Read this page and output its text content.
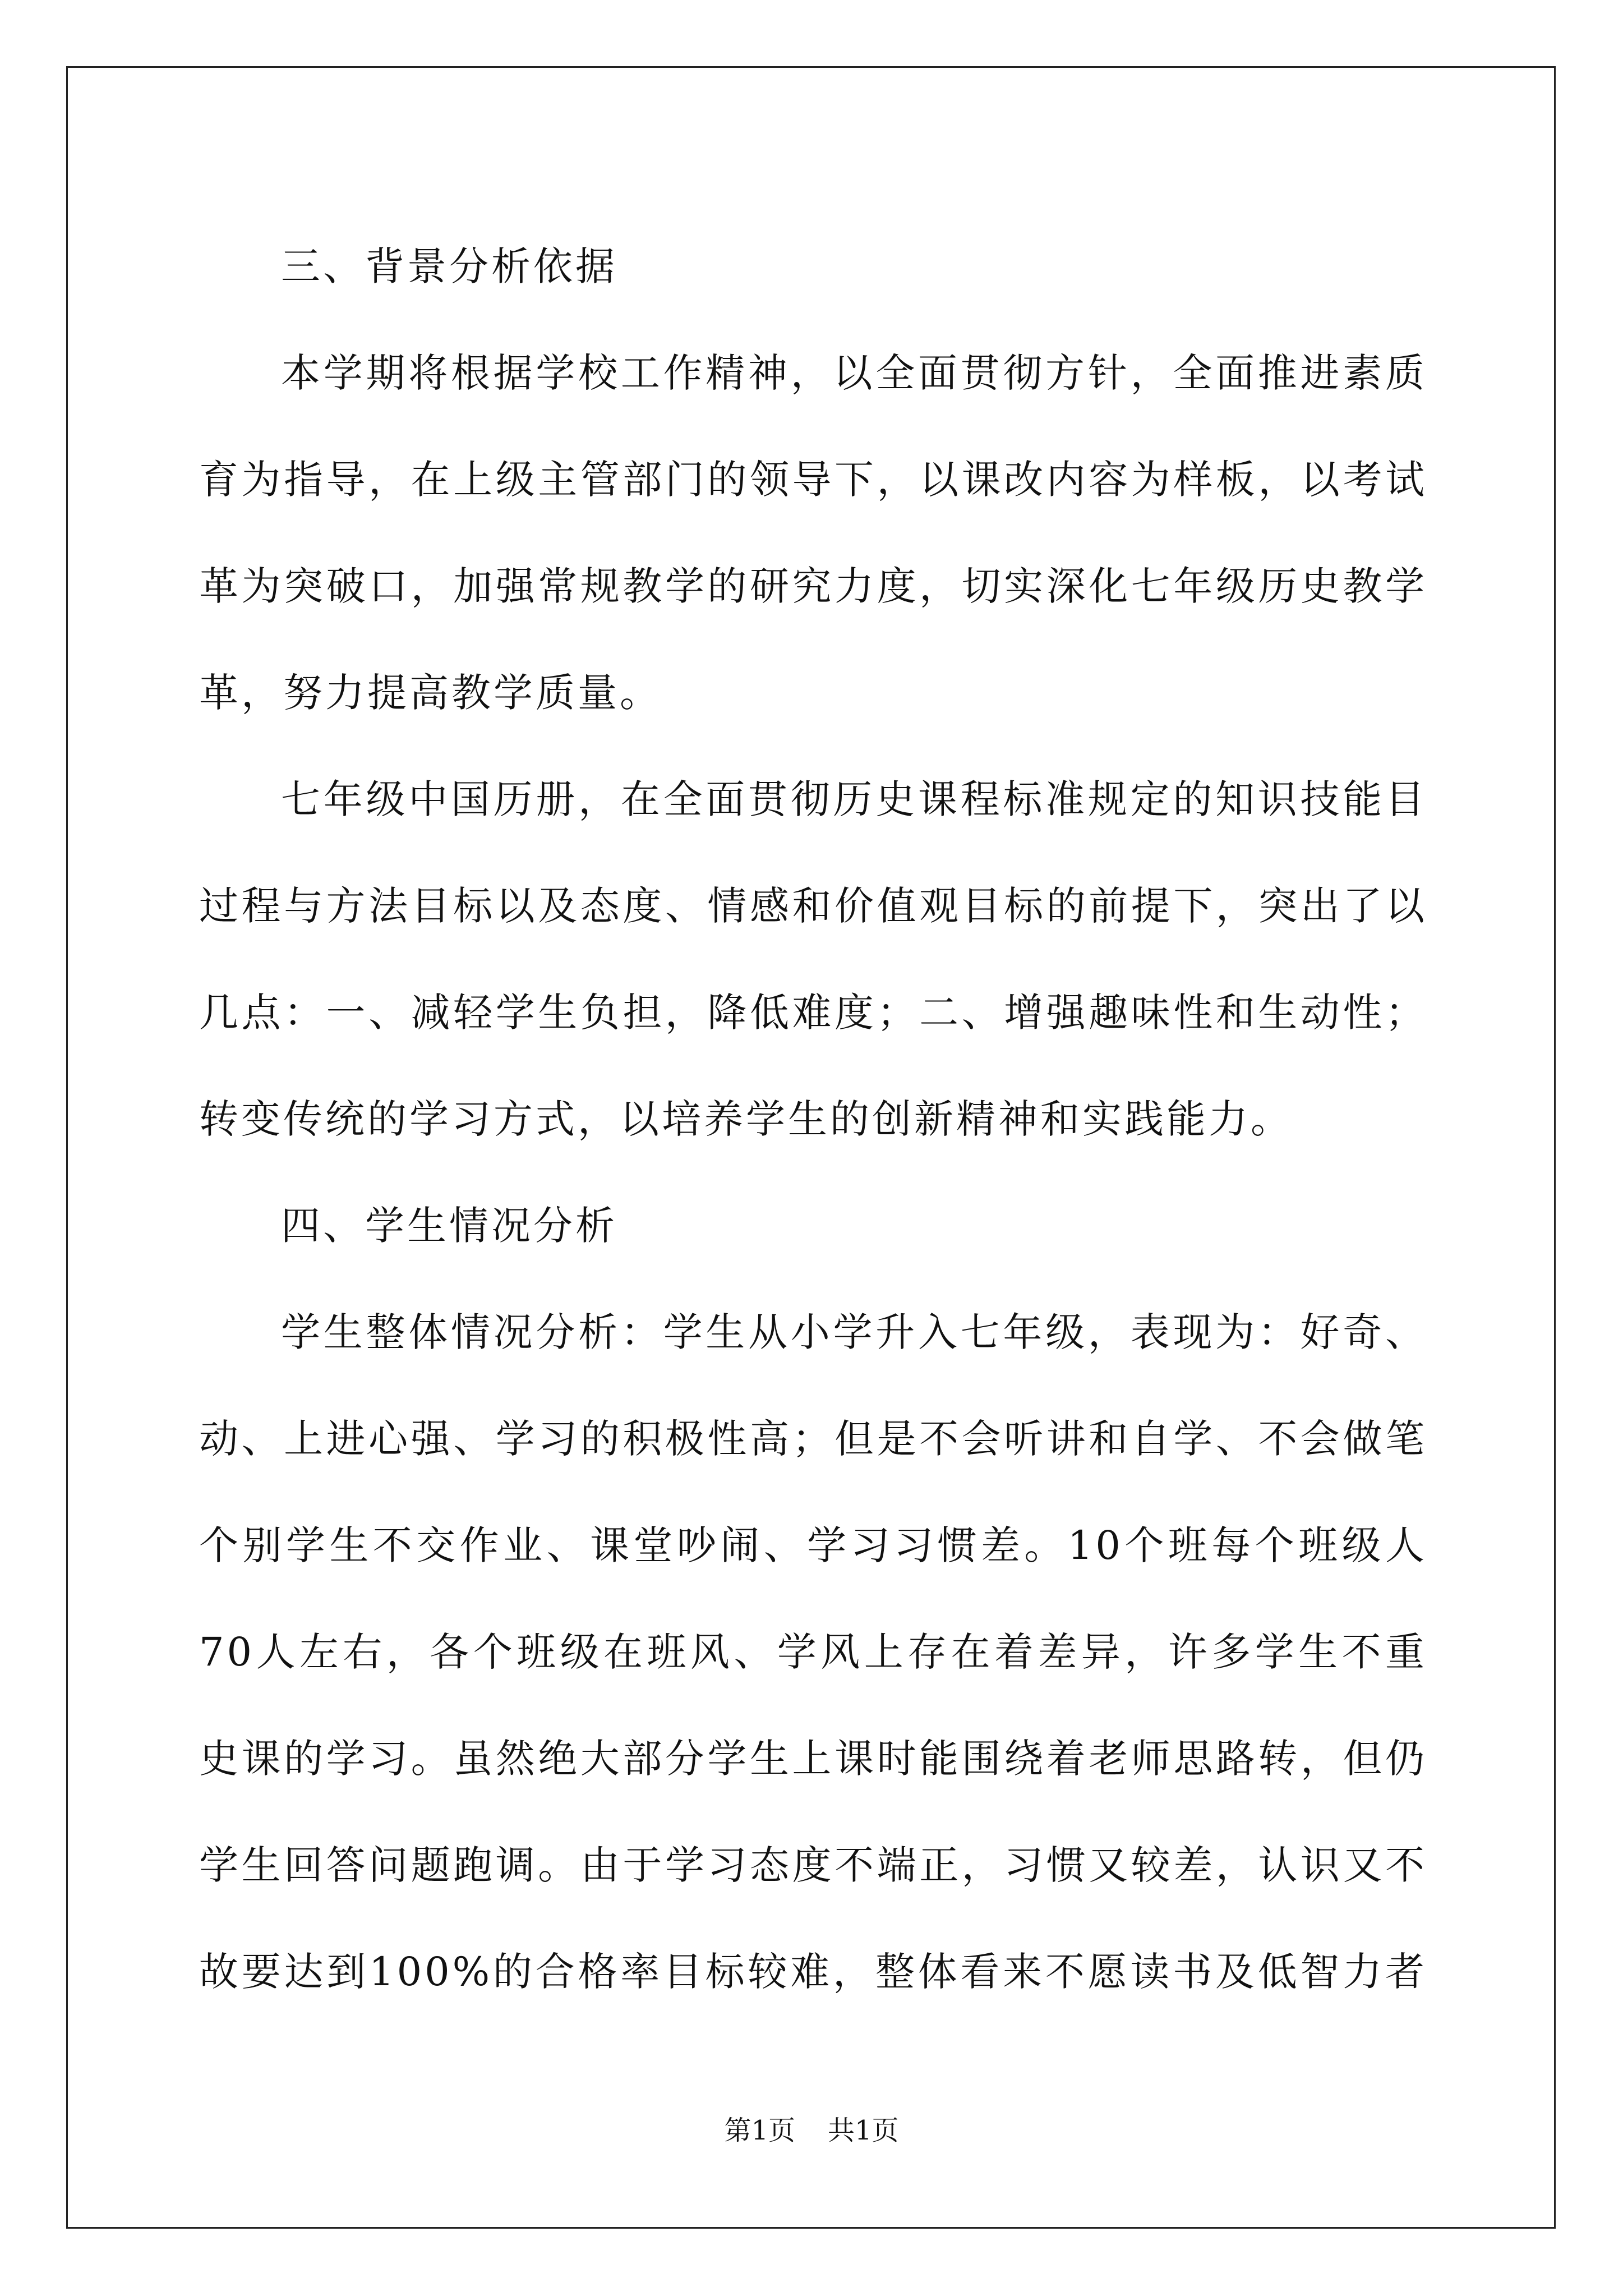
三、背景分析依据

本学期将根据学校工作精神，以全面贯彻方针，全面推进素质

育为指导，在上级主管部门的领导下，以课改内容为样板，以考试

革为突破口，加强常规教学的研究力度，切实深化七年级历史教学

革，努力提高教学质量。

七年级中国历册，在全面贯彻历史课程标准规定的知识技能目

过程与方法目标以及态度、情感和价值观目标的前提下，突出了以

几点：一、减轻学生负担，降低难度；二、增强趣味性和生动性；

转变传统的学习方式，以培养学生的创新精神和实践能力。

四、学生情况分析

学生整体情况分析：学生从小学升入七年级，表现为：好奇、

动、上进心强、学习的积极性高；但是不会听讲和自学、不会做笔

个别学生不交作业、课堂吵闹、学习习惯差。10个班每个班级人

70人左右，各个班级在班风、学风上存在着差异，许多学生不重

史课的学习。虽然绝大部分学生上课时能围绕着老师思路转，但仍

学生回答问题跑调。由于学习态度不端正，习惯又较差，认识又不

故要达到100%的合格率目标较难，整体看来不愿读书及低智力者

第1页 共1页
